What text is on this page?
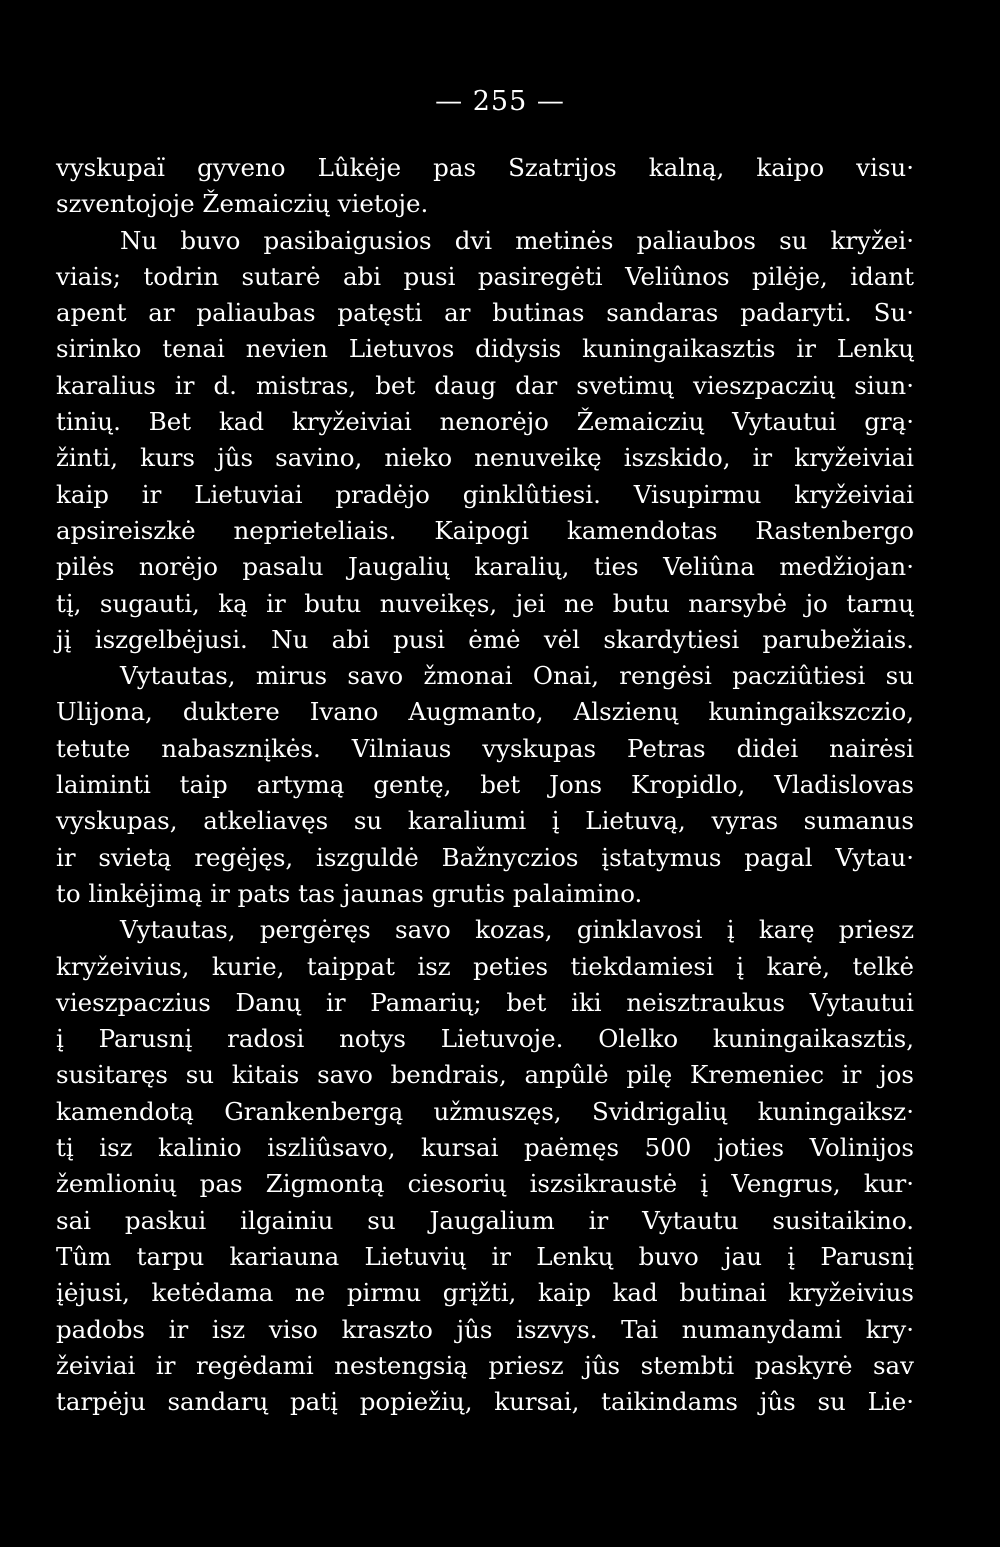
— 255 —
vyskupaï gyveno Lûkėje pas Szatrijos kalną, kaipo visu·
szventojoje Žemaiczių vietoje.
Nu buvo pasibaigusios dvi metinės paliaubos su kryžei·
viais; todrin sutarė abi pusi pasiregėti Veliûnos pilėje, idant
apent ar paliaubas patęsti ar butinas sandaras padaryti. Su·
sirinko tenai nevien Lietuvos didysis kuningaikasztis ir Lenkų
karalius ir d. mistras, bet daug dar svetimų vieszpaczių siun·
tinių. Bet kad kryžeiviai nenorėjo Žemaiczių Vytautui grą·
žinti, kurs jûs savino, nieko nenuveikę iszskido, ir kryžeiviai
kaip ir Lietuviai pradėjo ginklûtiesi. Visupirmu kryžeiviai
apsireiszkė neprieteliais. Kaipogi kamendotas Rastenbergo
pilės norėjo pasalu Jaugalių karalių, ties Veliûna medžiojan·
tį, sugauti, ką ir butu nuveikęs, jei ne butu narsybė jo tarnų
jį iszgelbėjusi. Nu abi pusi ėmė vėl skardytiesi parubežiais.
Vytautas, mirus savo žmonai Onai, rengėsi pacziûtiesi su
Ulijona, duktere Ivano Augmanto, Alszienų kuningaikszczio,
tetute nabasznįkės. Vilniaus vyskupas Petras didei nairėsi
laiminti taip artymą gentę, bet Jons Kropidlo, Vladislovas
vyskupas, atkeliavęs su karaliumi į Lietuvą, vyras sumanus
ir svietą regėjęs, iszguldė Bažnyczios įstatymus pagal Vytau·
to linkėjimą ir pats tas jaunas grutis palaimino.
Vytautas, pergėręs savo kozas, ginklavosi į karę priesz
kryžeivius, kurie, taippat isz peties tiekdamiesi į karė, telkė
vieszpaczius Danų ir Pamarių; bet iki neisztraukus Vytautui
į Parusnį radosi notys Lietuvoje. Olelko kuningaikasztis,
susitaręs su kitais savo bendrais, anpûlė pilę Kremeniec ir jos
kamendotą Grankenbergą užmuszęs, Svidrigalių kuningaiksz·
tį isz kalinio iszliûsavo, kursai paėmęs 500 joties Volinijos
žemlionių pas Zigmontą ciesorių iszsikraustė į Vengrus, kur·
sai paskui ilgainiu su Jaugalium ir Vytautu susitaikino.
Tûm tarpu kariauna Lietuvių ir Lenkų buvo jau į Parusnį
įėjusi, ketėdama ne pirmu grįžti, kaip kad butinai kryžeivius
padobs ir isz viso kraszto jûs iszvys. Tai numanydami kry·
žeiviai ir regėdami nestengsią priesz jûs stembti paskyrė sav
tarpėju sandarų patį popiežių, kursai, taikindams jûs su Lie·
